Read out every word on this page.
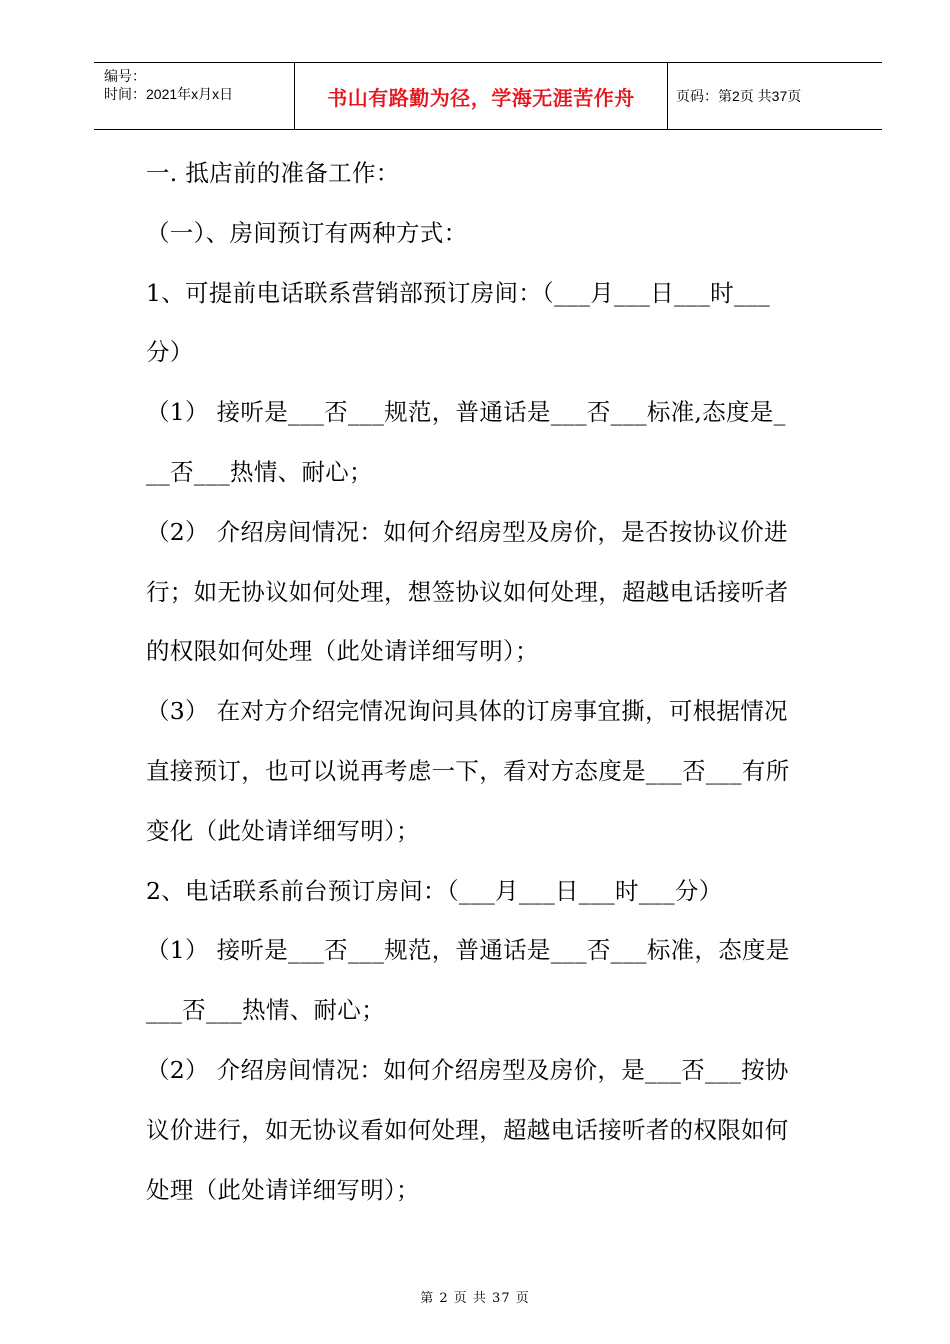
编号：
时间：2021年x月x日	书山有路勤为径，学海无涯苦作舟	页码：第2页 共37页
一. 抵店前的准备工作：
（一）、房间预订有两种方式：
1、可提前电话联系营销部预订房间：（___月___日___时___
分）
（1） 接听是___否___规范，普通话是___否___标准,态度是_
__否___热情、耐心；
（2） 介绍房间情况：如何介绍房型及房价，是否按协议价进
行；如无协议如何处理，想签协议如何处理，超越电话接听者
的权限如何处理（此处请详细写明）；
（3） 在对方介绍完情况询问具体的订房事宜撕，可根据情况
直接预订，也可以说再考虑一下，看对方态度是___否___有所
变化（此处请详细写明）；
2、电话联系前台预订房间：（___月___日___时___分）
（1） 接听是___否___规范，普通话是___否___标准，态度是
___否___热情、耐心；
（2） 介绍房间情况：如何介绍房型及房价，是___否___按协
议价进行，如无协议看如何处理，超越电话接听者的权限如何
处理（此处请详细写明）；
第 2 页 共 37 页
